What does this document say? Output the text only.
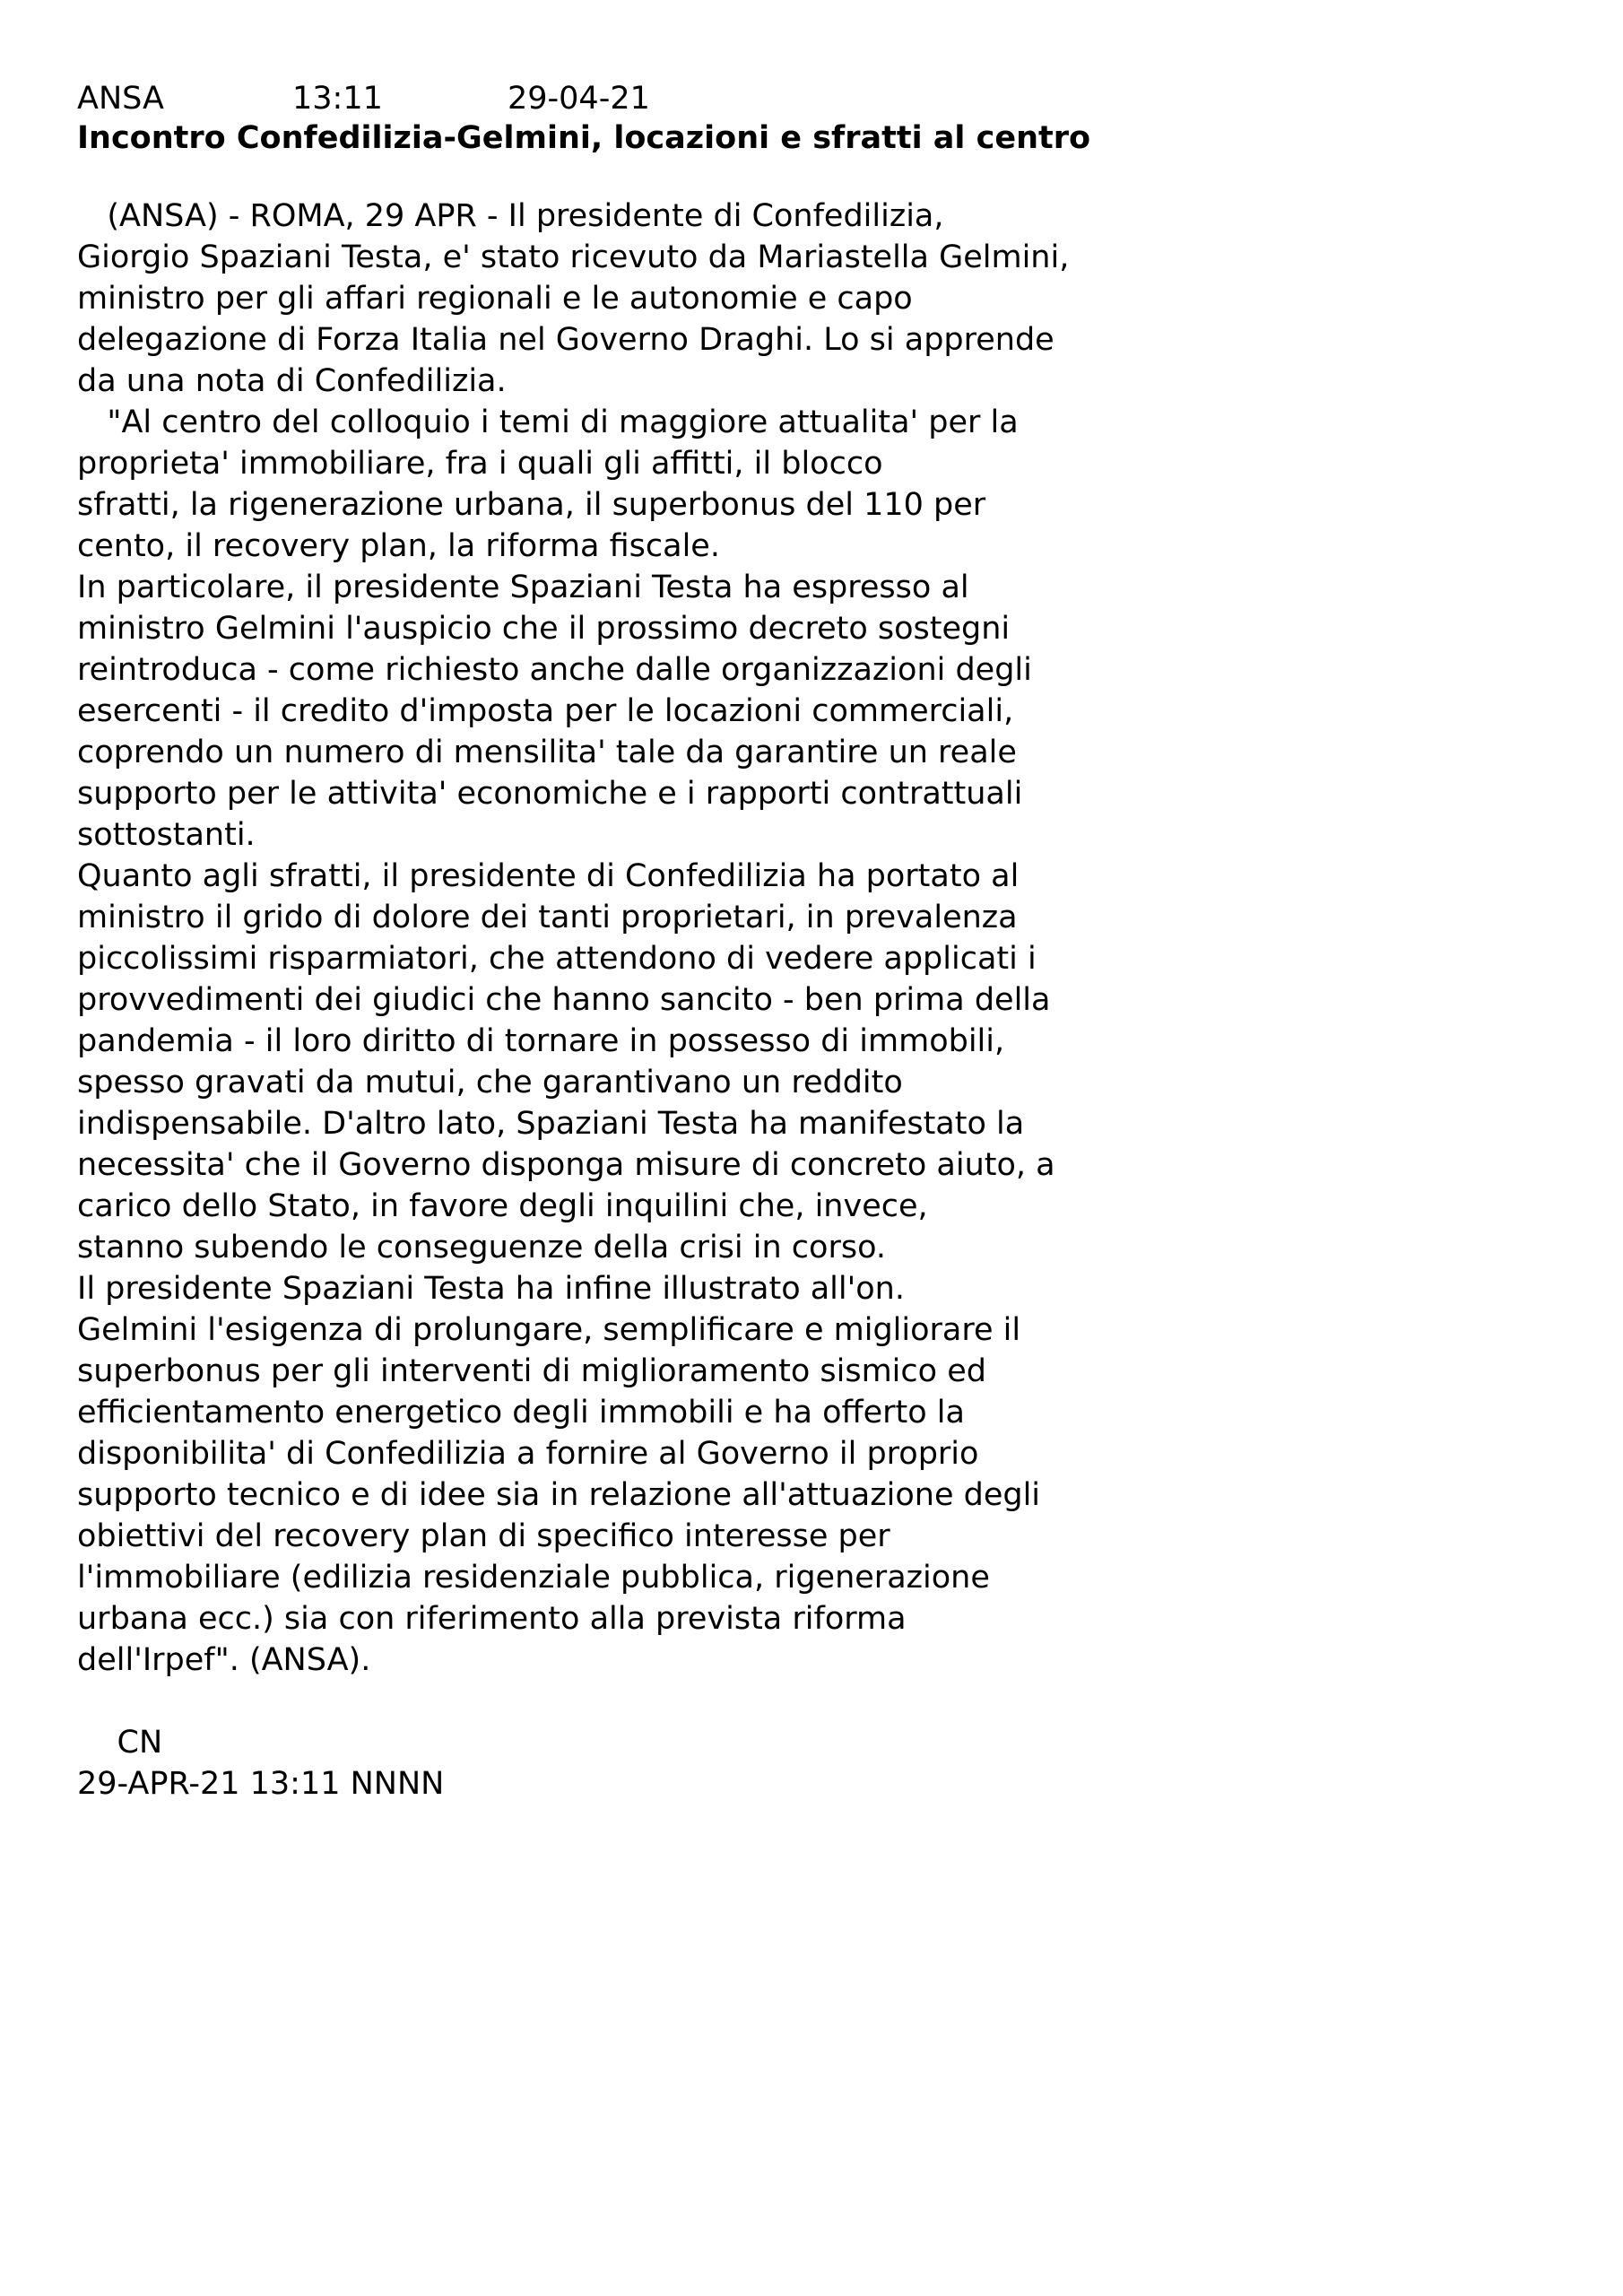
ANSA	13:11	29-04-21
Incontro Confedilizia-Gelmini, locazioni e sfratti al centro
(ANSA) - ROMA, 29 APR - Il presidente di Confedilizia,
Giorgio Spaziani Testa, e' stato ricevuto da Mariastella Gelmini,
ministro per gli affari regionali e le autonomie e capo
delegazione di Forza Italia nel Governo Draghi. Lo si apprende
da una nota di Confedilizia.
"Al centro del colloquio i temi di maggiore attualita' per la
proprieta' immobiliare, fra i quali gli affitti, il blocco
sfratti, la rigenerazione urbana, il superbonus del 110 per
cento, il recovery plan, la riforma fiscale.
In particolare, il presidente Spaziani Testa ha espresso al
ministro Gelmini l'auspicio che il prossimo decreto sostegni
reintroduca - come richiesto anche dalle organizzazioni degli
esercenti - il credito d'imposta per le locazioni commerciali,
coprendo un numero di mensilita' tale da garantire un reale
supporto per le attivita' economiche e i rapporti contrattuali
sottostanti.
Quanto agli sfratti, il presidente di Confedilizia ha portato al
ministro il grido di dolore dei tanti proprietari, in prevalenza
piccolissimi risparmiatori, che attendono di vedere applicati i
provvedimenti dei giudici che hanno sancito - ben prima della
pandemia - il loro diritto di tornare in possesso di immobili,
spesso gravati da mutui, che garantivano un reddito
indispensabile. D'altro lato, Spaziani Testa ha manifestato la
necessita' che il Governo disponga misure di concreto aiuto, a
carico dello Stato, in favore degli inquilini che, invece,
stanno subendo le conseguenze della crisi in corso.
Il presidente Spaziani Testa ha infine illustrato all'on.
Gelmini l'esigenza di prolungare, semplificare e migliorare il
superbonus per gli interventi di miglioramento sismico ed
efficientamento energetico degli immobili e ha offerto la
disponibilita' di Confedilizia a fornire al Governo il proprio
supporto tecnico e di idee sia in relazione all'attuazione degli
obiettivi del recovery plan di specifico interesse per
l'immobiliare (edilizia residenziale pubblica, rigenerazione
urbana ecc.) sia con riferimento alla prevista riforma
dell'Irpef". (ANSA).
CN
29-APR-21 13:11 NNNN
